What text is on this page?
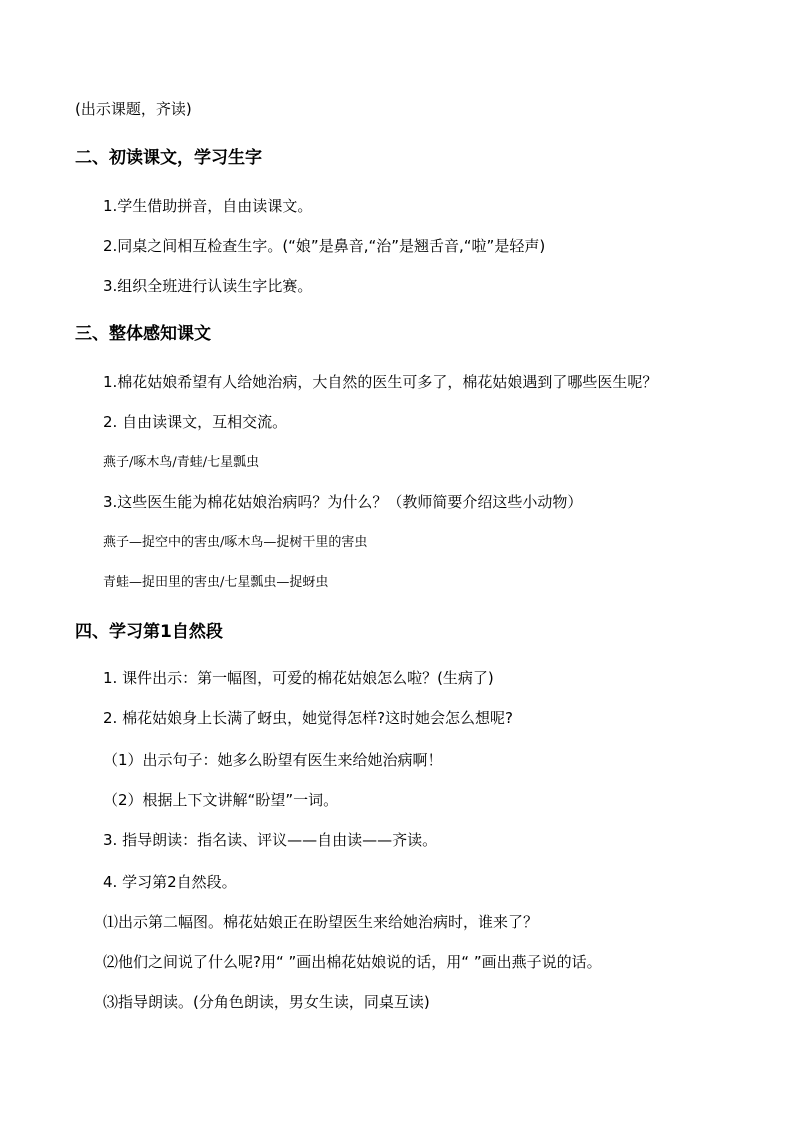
(出示课题，齐读)
二、初读课文，学习生字
1.学生借助拼音，自由读课文。
2.同桌之间相互检查生字。(“娘”是鼻音,“治”是翘舌音,“啦”是轻声)
3.组织全班进行认读生字比赛。
三、整体感知课文
1.棉花姑娘希望有人给她治病，大自然的医生可多了，棉花姑娘遇到了哪些医生呢？
2. 自由读课文，互相交流。
燕子/啄木鸟/青蛙/七星瓢虫
3.这些医生能为棉花姑娘治病吗？为什么？（教师简要介绍这些小动物）
燕子—捉空中的害虫/啄木鸟—捉树干里的害虫
青蛙—捉田里的害虫/七星瓢虫—捉蚜虫
四、学习第1自然段
1. 课件出示：第一幅图，可爱的棉花姑娘怎么啦？(生病了)
2. 棉花姑娘身上长满了蚜虫，她觉得怎样?这时她会怎么想呢?
（1）出示句子：她多么盼望有医生来给她治病啊！
（2）根据上下文讲解“盼望”一词。
3. 指导朗读：指名读、评议——自由读——齐读。
4. 学习第2自然段。
⑴出示第二幅图。棉花姑娘正在盼望医生来给她治病时，谁来了？
⑵他们之间说了什么呢?用“ ”画出棉花姑娘说的话，用“ ”画出燕子说的话。
⑶指导朗读。(分角色朗读，男女生读，同桌互读)
